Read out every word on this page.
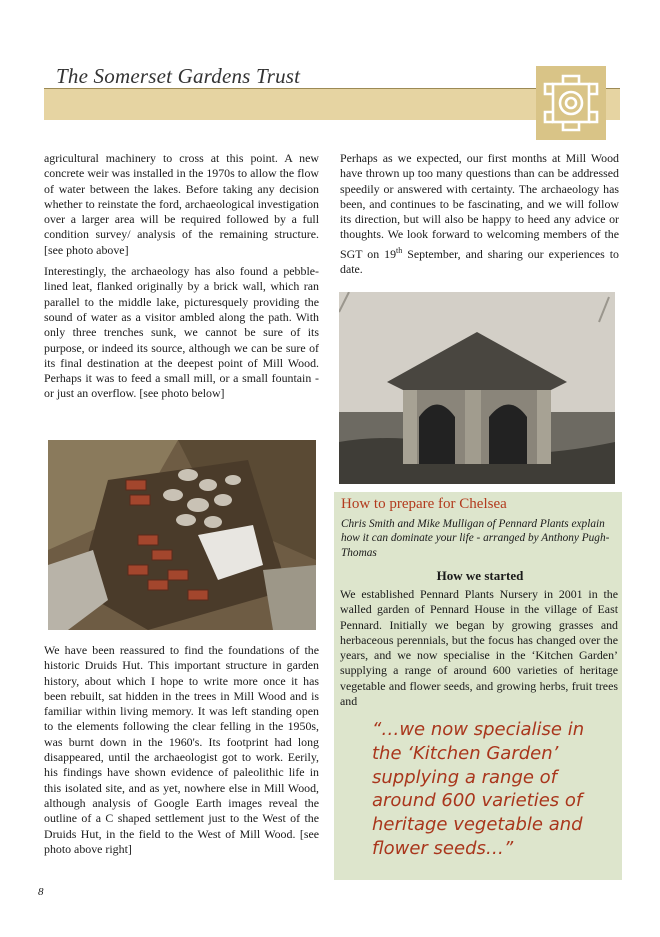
The Somerset Gardens Trust

agricultural machinery to cross at this point. A new concrete weir was installed in the 1970s to allow the flow of water between the lakes. Before taking any decision whether to reinstate the ford, archaeological investigation over a larger area will be required followed by a full condition survey/ analysis of the remaining structure. [see photo above]

Interestingly, the archaeology has also found a pebble-lined leat, flanked originally by a brick wall, which ran parallel to the middle lake, picturesquely providing the sound of water as a visitor ambled along the path. With only three trenches sunk, we cannot be sure of its purpose, or indeed its source, although we can be sure of its final destination at the deepest point of Mill Wood. Perhaps it was to feed a small mill, or a small fountain - or just an overflow. [see photo below]

We have been reassured to find the foundations of the historic Druids Hut. This important structure in garden history, about which I hope to write more once it has been rebuilt, sat hidden in the trees in Mill Wood and is familiar within living memory. It was left standing open to the elements following the clear felling in the 1950s, was burnt down in the 1960's. Its footprint had long disappeared, until the archaeologist got to work. Eerily, his findings have shown evidence of paleolithic life in this isolated site, and as yet, nowhere else in Mill Wood, although analysis of Google Earth images reveal the outline of a C shaped settlement just to the West of the Druids Hut, in the field to the West of Mill Wood. [see photo above right]

Perhaps as we expected, our first months at Mill Wood have thrown up too many questions than can be addressed speedily or answered with certainty. The archaeology has been, and continues to be fascinating, and we will follow its direction, but will also be happy to heed any advice or thoughts. We look forward to welcoming members of the SGT on 19th September, and sharing our experiences to date.

How to prepare for Chelsea
Chris Smith and Mike Mulligan of Pennard Plants explain how it can dominate your life - arranged by Anthony Pugh-Thomas
How we started
We established Pennard Plants Nursery in 2001 in the walled garden of Pennard House in the village of East Pennard. Initially we began by growing grasses and herbaceous perennials, but the focus has changed over the years, and we now specialise in the ‘Kitchen Garden’ supplying a range of around 600 varieties of heritage vegetable and flower seeds, and growing herbs, fruit trees and
“…we now specialise in the ‘Kitchen Garden’ supplying a range of around 600 varieties of heritage vegetable and flower seeds…”
8
